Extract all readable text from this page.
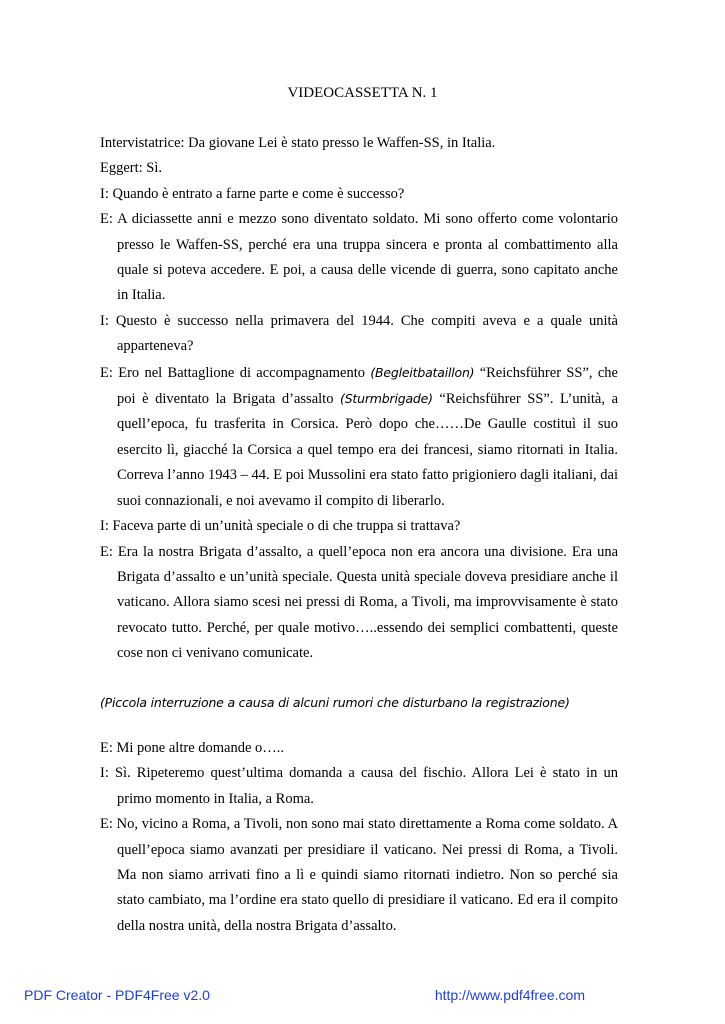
VIDEOCASSETTA N. 1

Intervistatrice: Da giovane Lei è stato presso le Waffen-SS, in Italia.

Eggert: Sì.

I: Quando è entrato a farne parte e come è successo?

E: A diciassette anni e mezzo sono diventato soldato. Mi sono offerto come volontario presso le Waffen-SS, perché era una truppa sincera e pronta al combattimento alla quale si poteva accedere. E poi, a causa delle vicende di guerra, sono capitato anche in Italia.

I: Questo è successo nella primavera del 1944. Che compiti aveva e a quale unità apparteneva?

E: Ero nel Battaglione di accompagnamento (Begleitbataillon) “Reichsführer SS”, che poi è diventato la Brigata d’assalto (Sturmbrigade) “Reichsführer SS”. L’unità, a quell’epoca, fu trasferita in Corsica. Però dopo che……De Gaulle costituì il suo esercito lì, giacché la Corsica a quel tempo era dei francesi, siamo ritornati in Italia. Correva l’anno 1943 – 44. E poi Mussolini era stato fatto prigioniero dagli italiani, dai suoi connazionali, e noi avevamo il compito di liberarlo.

I: Faceva parte di un’unità speciale o di che truppa si trattava?

E: Era la nostra Brigata d’assalto, a quell’epoca non era ancora una divisione. Era una Brigata d’assalto e un’unità speciale. Questa unità speciale doveva presidiare anche il vaticano. Allora siamo scesi nei pressi di Roma, a Tivoli, ma improvvisamente è stato revocato tutto. Perché, per quale motivo…..essendo dei semplici combattenti, queste cose non ci venivano comunicate.

(Piccola interruzione a causa di alcuni rumori che disturbano la registrazione)

E: Mi pone altre domande o…..

I: Sì. Ripeteremo quest’ultima domanda a causa del fischio. Allora Lei è stato in un primo momento in Italia, a Roma.

E: No, vicino a Roma, a Tivoli, non sono mai stato direttamente a Roma come soldato. A quell’epoca siamo avanzati per presidiare il vaticano. Nei pressi di Roma, a Tivoli. Ma non siamo arrivati fino a lì e quindi siamo ritornati indietro. Non so perché sia stato cambiato, ma l’ordine era stato quello di presidiare il vaticano. Ed era il compito della nostra unità, della nostra Brigata d’assalto.

PDF Creator - PDF4Free v2.0	http://www.pdf4free.com
